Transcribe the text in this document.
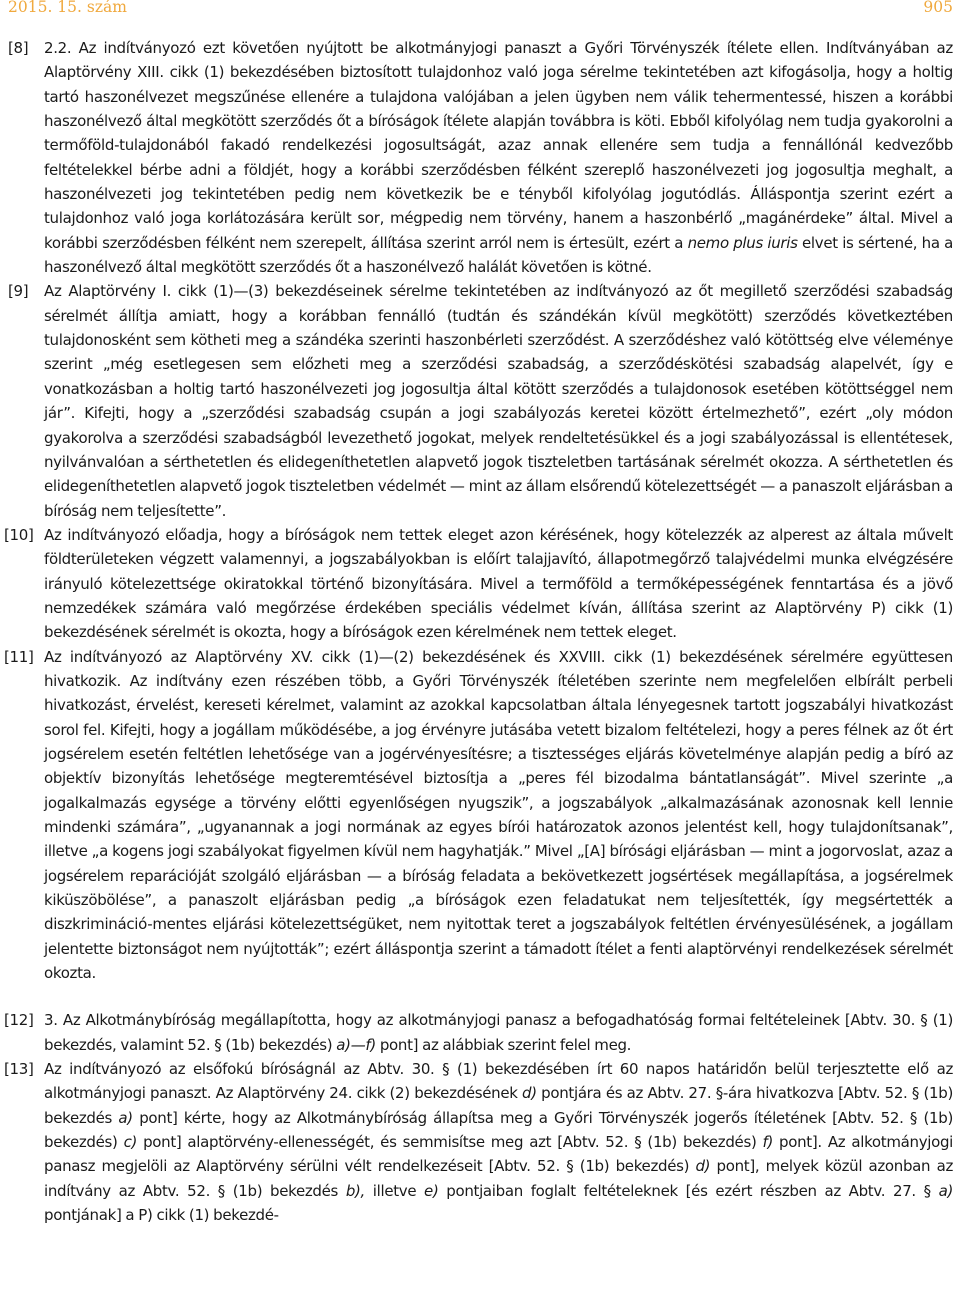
2015. 15. szám	905
[8] 2.2. Az indítványozó ezt követően nyújtott be alkotmányjogi panaszt a Győri Törvényszék ítélete ellen. Indítványában az Alaptörvény XIII. cikk (1) bekezdésében biztosított tulajdonhoz való joga sérelme tekintetében azt kifogásolja, hogy a holtig tartó haszonélvezet megszűnése ellenére a tulajdona valójában a jelen ügyben nem válik tehermentessé, hiszen a korábbi haszonélvező által megkötött szerződés őt a bíróságok ítélete alapján továbbra is köti. Ebből kifolyólag nem tudja gyakorolni a termőföld-tulajdonából fakadó rendelkezési jogosultságát, azaz annak ellenére sem tudja a fennállónál kedvezőbb feltételekkel bérbe adni a földjét, hogy a korábbi szerződésben félként szereplő haszonélvezeti jog jogosultja meghalt, a haszonélvezeti jog tekintetében pedig nem következik be e tényből kifolyólag jogutódlás. Álláspontja szerint ezért a tulajdonhoz való joga korlátozására került sor, mégpedig nem törvény, hanem a haszonbérlő „magánérdeke” által. Mivel a korábbi szerződésben félként nem szerepelt, állítása szerint arról nem is értesült, ezért a nemo plus iuris elvet is sértené, ha a haszonélvező által megkötött szerződés őt a haszonélvező halálát követően is kötné.
[9] Az Alaptörvény I. cikk (1)—(3) bekezdéseinek sérelme tekintetében az indítványozó az őt megillető szerződési szabadság sérelmét állítja amiatt, hogy a korábban fennálló (tudtán és szándékán kívül megkötött) szerződés következtében tulajdonosként sem kötheti meg a szándéka szerinti haszonbérleti szerződést. A szerződéshez való kötöttség elve véleménye szerint „még esetlegesen sem előzheti meg a szerződési szabadság, a szerződéskötési szabadság alapelvét, így e vonatkozásban a holtig tartó haszonélvezeti jog jogosultja által kötött szerződés a tulajdonosok esetében kötöttséggel nem jár”. Kifejti, hogy a „szerződési szabadság csupán a jogi szabályozás keretei között értelmezhető”, ezért „oly módon gyakorolva a szerződési szabadságból levezethető jogokat, melyek rendeltetésükkel és a jogi szabályozással is ellentétesek, nyilvánvalóan a sérthetetlen és elidegeníthetetlen alapvető jogok tiszteletben tartásának sérelmét okozza. A sérthetetlen és elidegeníthetetlen alapvető jogok tiszteletben védelmét — mint az állam elsőrendű kötelezettségét — a panaszolt eljárásban a bíróság nem teljesítette”.
[10] Az indítványozó előadja, hogy a bíróságok nem tettek eleget azon kérésének, hogy kötelezzék az alperest az általa művelt földterületeken végzett valamennyi, a jogszabályokban is előírt talajjavító, állapotmegőrző talajvédelmi munka elvégzésére irányuló kötelezettsége okiratokkal történő bizonyítására. Mivel a termőföld a termőképességének fenntartása és a jövő nemzedékek számára való megőrzése érdekében speciális védelmet kíván, állítása szerint az Alaptörvény P) cikk (1) bekezdésének sérelmét is okozta, hogy a bíróságok ezen kérelmének nem tettek eleget.
[11] Az indítványozó az Alaptörvény XV. cikk (1)—(2) bekezdésének és XXVIII. cikk (1) bekezdésének sérelmére együttesen hivatkozik. Az indítvány ezen részében több, a Győri Törvényszék ítéletében szerinte nem megfelelően elbírált perbeli hivatkozást, érvelést, kereseti kérelmet, valamint az azokkal kapcsolatban általa lényegesnek tartott jogszabályi hivatkozást sorol fel. Kifejti, hogy a jogállam működésébe, a jog érvényre jutásába vetett bizalom feltételezi, hogy a peres félnek az őt ért jogsérelem esetén feltétlen lehetősége van a jogérvényesítésre; a tisztességes eljárás követelménye alapján pedig a bíró az objektív bizonyítás lehetősége megteremtésével biztosítja a „peres fél bizodalma bántatlanságát”. Mivel szerinte „a jogalkalmazás egysége a törvény előtti egyenlőségen nyugszik”, a jogszabályok „alkalmazásának azonosnak kell lennie mindenki számára”, „ugyanannak a jogi normának az egyes bírói határozatok azonos jelentést kell, hogy tulajdonítsanak”, illetve „a kogens jogi szabályokat figyelmen kívül nem hagyhatják.” Mivel „[A] bírósági eljárásban — mint a jogorvoslat, azaz a jogsérelem reparációját szolgáló eljárásban — a bíróság feladata a bekövetkezett jogsértések megállapítása, a jogsérelmek kiküszöbölése”, a panaszolt eljárásban pedig „a bíróságok ezen feladatukat nem teljesítették, így megsértették a diszkrimináció-mentes eljárási kötelezettségüket, nem nyitottak teret a jogszabályok feltétlen érvényesülésének, a jogállam jelentette biztonságot nem nyújtották”; ezért álláspontja szerint a támadott ítélet a fenti alaptörvényi rendelkezések sérelmét okozta.
[12] 3. Az Alkotmánybíróság megállapította, hogy az alkotmányjogi panasz a befogadhatóság formai feltételeinek [Abtv. 30. § (1) bekezdés, valamint 52. § (1b) bekezdés) a)—f) pont] az alábbiak szerint felel meg.
[13] Az indítványozó az elsőfokú bíróságnál az Abtv. 30. § (1) bekezdésében írt 60 napos határidőn belül terjesztette elő az alkotmányjogi panaszt. Az Alaptörvény 24. cikk (2) bekezdésének d) pontjára és az Abtv. 27. §-ára hivatkozva [Abtv. 52. § (1b) bekezdés a) pont] kérte, hogy az Alkotmánybíróság állapítsa meg a Győri Törvényszék jogerős ítéletének [Abtv. 52. § (1b) bekezdés) c) pont] alaptörvény-ellenességét, és semmisítse meg azt [Abtv. 52. § (1b) bekezdés) f) pont]. Az alkotmányjogi panasz megjelöli az Alaptörvény sérülni vélt rendelkezéseit [Abtv. 52. § (1b) bekezdés) d) pont], melyek közül azonban az indítvány az Abtv. 52. § (1b) bekezdés b), illetve e) pontjaiban foglalt feltételeknek [és ezért részben az Abtv. 27. § a) pontjának] a P) cikk (1) bekezdé-
